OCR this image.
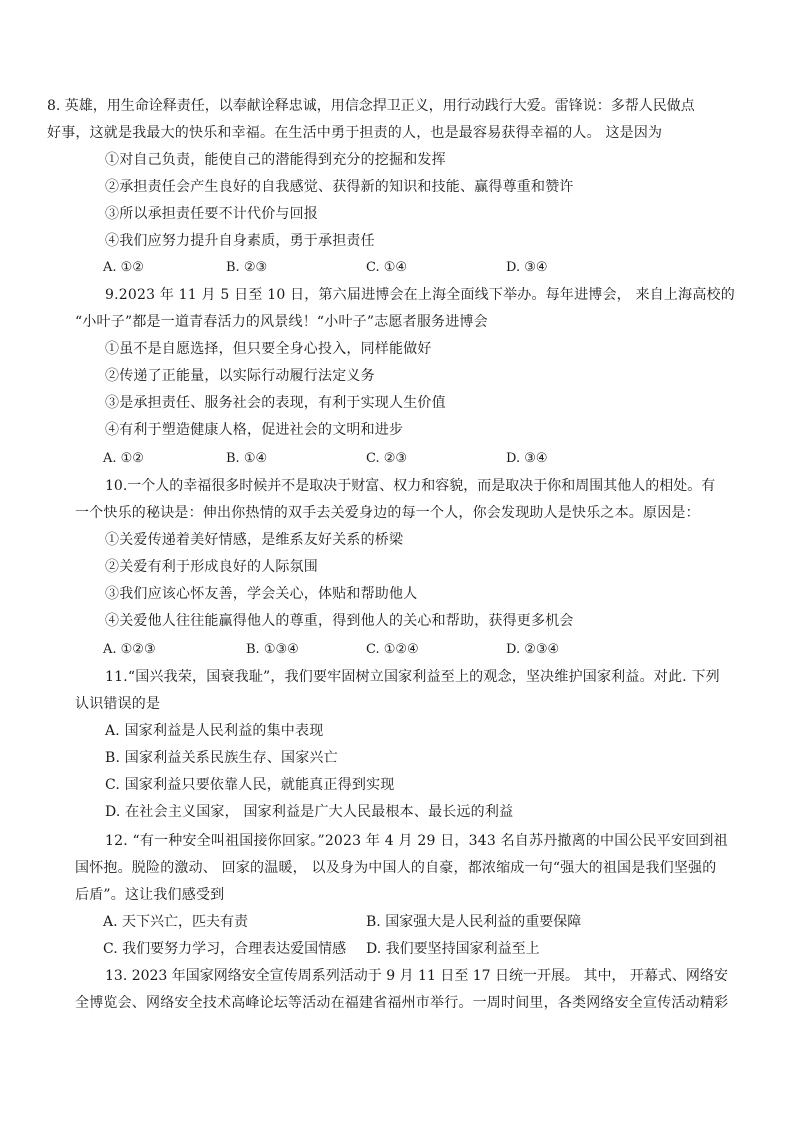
8. 英雄，用生命诠释责任，以奉献诠释忠诚，用信念捍卫正义，用行动践行大爱。雷锋说：多帮人民做点
好事，这就是我最大的快乐和幸福。在生活中勇于担责的人，也是最容易获得幸福的人。 这是因为
①对自己负责，能使自己的潜能得到充分的挖掘和发挥
②承担责任会产生良好的自我感觉、获得新的知识和技能、赢得尊重和赞许
③所以承担责任要不计代价与回报
④我们应努力提升自身素质，勇于承担责任
A. ①②	B. ②③	C. ①④	D. ③④
9.2023 年 11 月 5 日至 10 日，第六届进博会在上海全面线下举办。每年进博会， 来自上海高校的
“小叶子”都是一道青春活力的风景线！“小叶子”志愿者服务进博会
①虽不是自愿选择，但只要全身心投入，同样能做好
②传递了正能量，以实际行动履行法定义务
③是承担责任、服务社会的表现，有利于实现人生价值
④有利于塑造健康人格，促进社会的文明和进步
A. ①②	B. ①④	C. ②③	D. ③④
10.一个人的幸福很多时候并不是取决于财富、权力和容貌，而是取决于你和周围其他人的相处。有
一个快乐的秘诀是：伸出你热情的双手去关爱身边的每一个人，你会发现助人是快乐之本。原因是：
①关爱传递着美好情感，是维系友好关系的桥梁
②关爱有利于形成良好的人际氛围
③我们应该心怀友善，学会关心，体贴和帮助他人
④关爱他人往往能赢得他人的尊重，得到他人的关心和帮助，获得更多机会
A. ①②③	B. ①③④	C. ①②④	D. ②③④
11.“国兴我荣，国衰我耻”，我们要牢固树立国家利益至上的观念，坚决维护国家利益。对此. 下列
认识错误的是
A. 国家利益是人民利益的集中表现
B. 国家利益关系民族生存、国家兴亡
C. 国家利益只要依靠人民，就能真正得到实现
D. 在社会主义国家， 国家利益是广大人民最根本、最长远的利益
12. “有一种安全叫祖国接你回家。”2023 年 4 月 29 日，343 名自苏丹撤离的中国公民平安回到祖
国怀抱。脱险的激动、 回家的温暖， 以及身为中国人的自豪，都浓缩成一句“强大的祖国是我们坚强的
后盾”。这让我们感受到
A. 天下兴亡，匹夫有责	B. 国家强大是人民利益的重要保障
C. 我们要努力学习，合理表达爱国情感 D. 我们要坚持国家利益至上
13. 2023 年国家网络安全宣传周系列活动于 9 月 11 日至 17 日统一开展。 其中， 开幕式、网络安
全博览会、网络安全技术高峰论坛等活动在福建省福州市举行。一周时间里，各类网络安全宣传活动精彩
